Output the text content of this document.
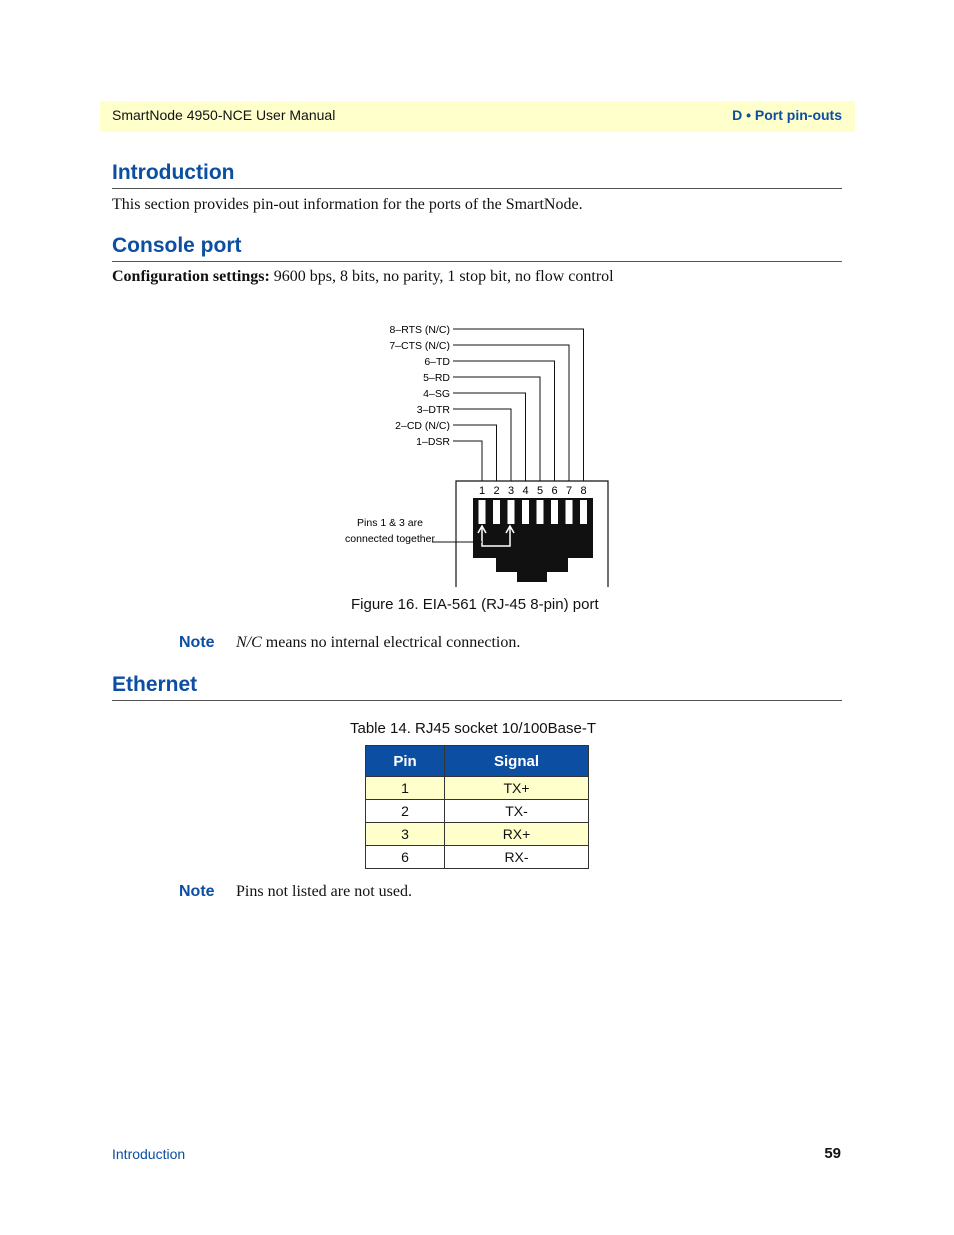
SmartNode 4950-NCE User Manual	D • Port pin-outs
Introduction

This section provides pin-out information for the ports of the SmartNode.

Console port

Configuration settings: 9600 bps, 8 bits, no parity, 1 stop bit, no flow control

8–RTS (N/C)
7–CTS (N/C)
6–TD
5–RD
4–SG
3–DTR
2–CD (N/C)
1–DSR
1 2 3 4 5 6 7 8
Pins 1 & 3 are
connected together
Figure 16. EIA-561 (RJ-45 8-pin) port
Note N/C means no internal electrical connection.
Ethernet
Table 14. RJ45 socket 10/100Base-T
Pin	Signal
1	TX+
2	TX-
3	RX+
6	RX-
Note Pins not listed are not used.
Introduction	59
